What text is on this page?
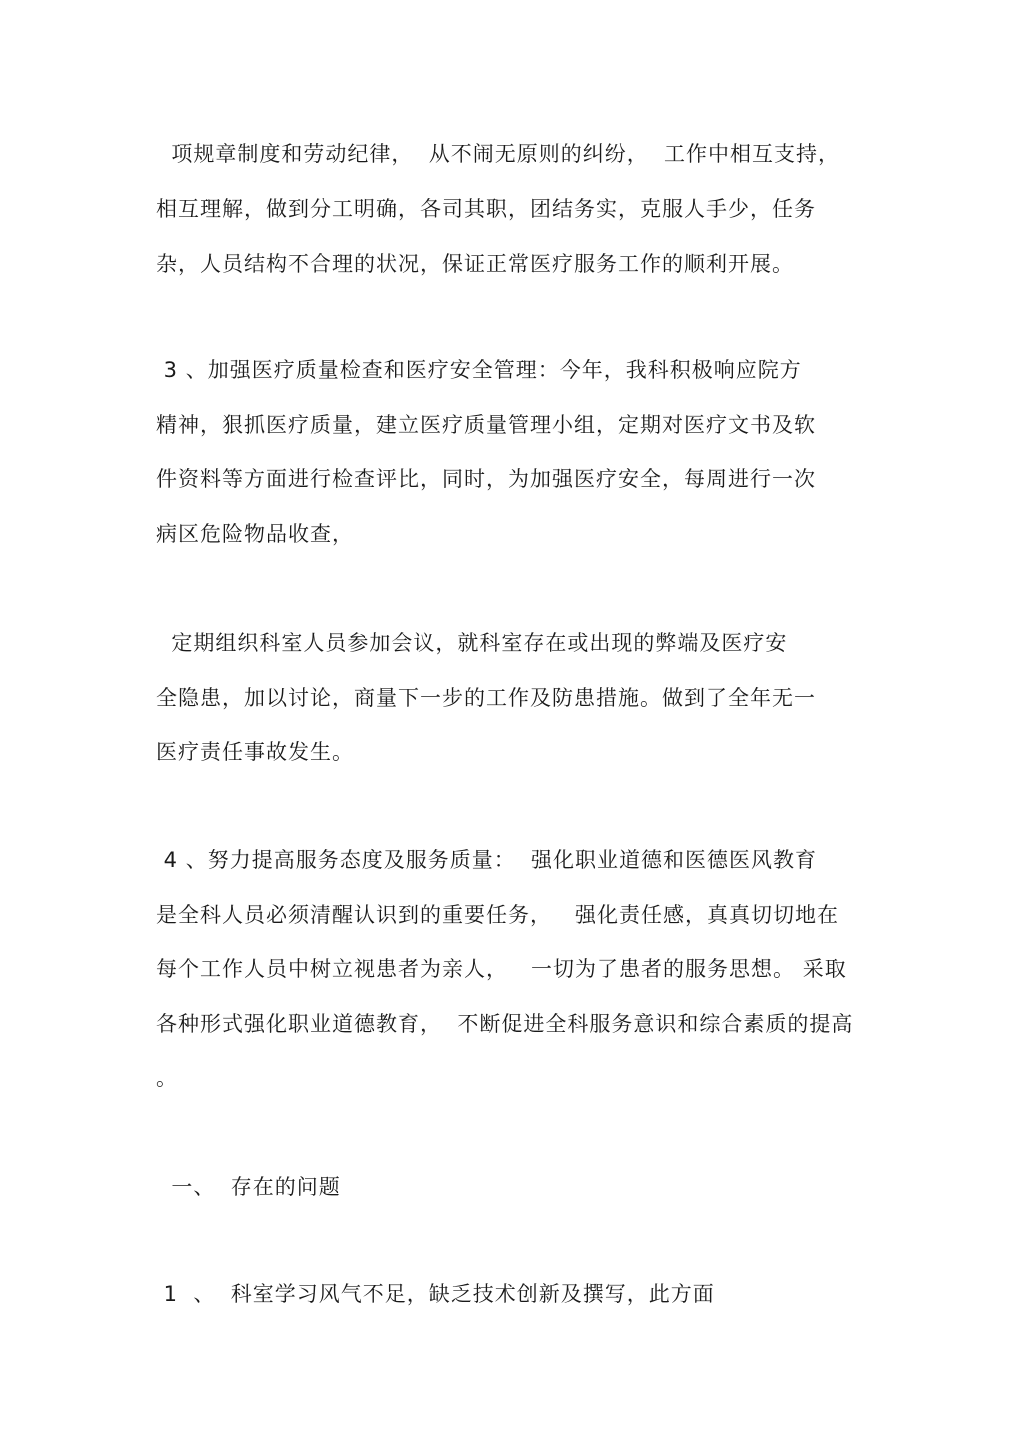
项规章制度和劳动纪律，  从不闹无原则的纠纷，  工作中相互支持，
相互理解，做到分工明确，各司其职，团结务实，克服人手少，任务
杂，人员结构不合理的状况，保证正常医疗服务工作的顺利开展。
3 、加强医疗质量检查和医疗安全管理：今年，我科积极响应院方
精神，狠抓医疗质量，建立医疗质量管理小组，定期对医疗文书及软
件资料等方面进行检查评比，同时，为加强医疗安全，每周进行一次
病区危险物品收查，
定期组织科室人员参加会议，就科室存在或出现的弊端及医疗安
全隐患，加以讨论，商量下一步的工作及防患措施。做到了全年无一
医疗责任事故发生。
4 、努力提高服务态度及服务质量：  强化职业道德和医德医风教育
是全科人员必须清醒认识到的重要任务，   强化责任感，真真切切地在
每个工作人员中树立视患者为亲人，   一切为了患者的服务思想。 采取
各种形式强化职业道德教育，  不断促进全科服务意识和综合素质的提高
。
一、  存在的问题
1  、  科室学习风气不足，缺乏技术创新及撰写，此方面
